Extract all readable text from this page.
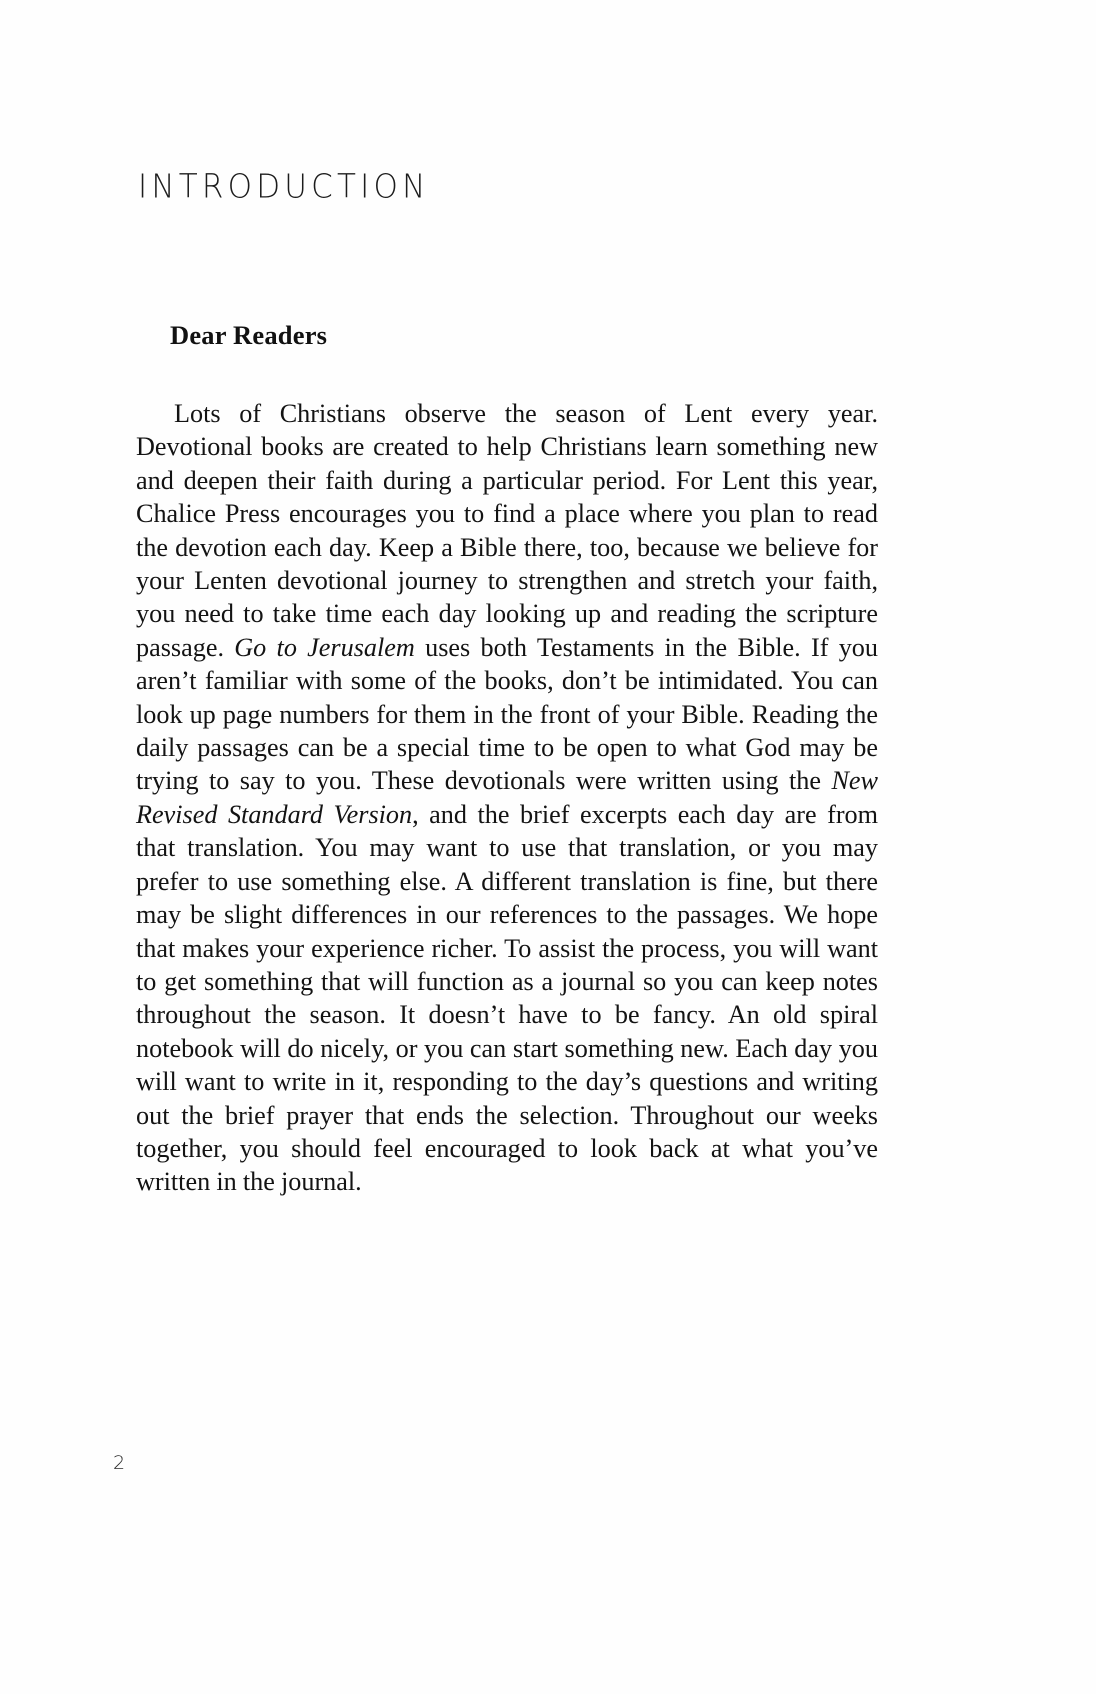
INTRODUCTION
Dear Readers

Lots of Christians observe the season of Lent every year. Devotional books are created to help Christians learn something new and deepen their faith during a particular period. For Lent this year, Chalice Press encourages you to find a place where you plan to read the devotion each day. Keep a Bible there, too, because we believe for your Lenten devotional journey to strengthen and stretch your faith, you need to take time each day looking up and reading the scripture passage. Go to Jerusalem uses both Testaments in the Bible. If you aren’t familiar with some of the books, don’t be intimidated. You can look up page numbers for them in the front of your Bible. Reading the daily passages can be a special time to be open to what God may be trying to say to you. These devotionals were written using the New Revised Standard Version, and the brief excerpts each day are from that translation. You may want to use that translation, or you may prefer to use something else. A different translation is fine, but there may be slight differences in our references to the passages. We hope that makes your experience richer. To assist the process, you will want to get something that will function as a journal so you can keep notes throughout the season. It doesn’t have to be fancy. An old spiral notebook will do nicely, or you can start something new. Each day you will want to write in it, responding to the day’s questions and writing out the brief prayer that ends the selection. Throughout our weeks together, you should feel encouraged to look back at what you’ve written in the journal.

2
